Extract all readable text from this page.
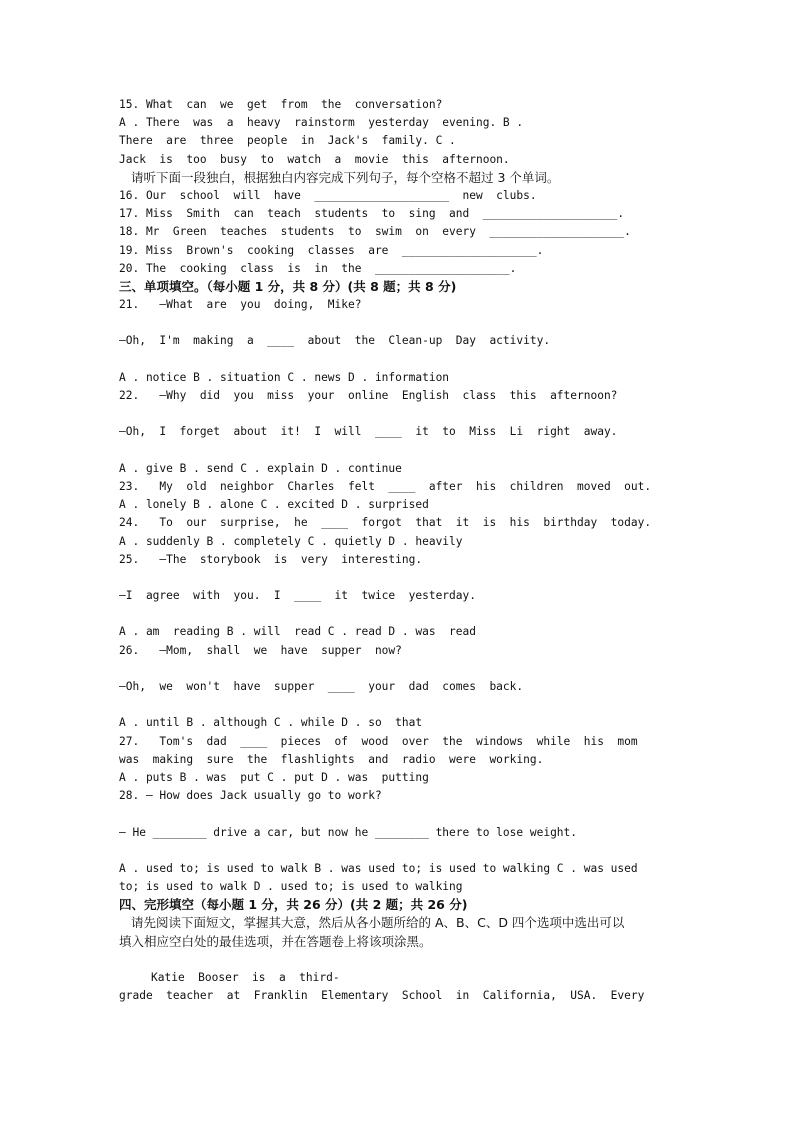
15. What  can  we  get  from  the  conversation?
A . There  was  a  heavy  rainstorm  yesterday  evening. B .
There  are  three  people  in  Jack's  family. C .
Jack  is  too  busy  to  watch  a  movie  this  afternoon.
请听下面一段独白，根据独白内容完成下列句子，每个空格不超过 3 个单词。
16. Our  school  will  have  ____________________  new  clubs.
17. Miss  Smith  can  teach  students  to  sing  and  ____________________.
18. Mr  Green  teaches  students  to  swim  on  every  ____________________.
19. Miss  Brown's  cooking  classes  are  ____________________.
20. The  cooking  class  is  in  the  ____________________.
三、单项填空。（每小题 1 分，共 8 分）(共 8 题；共 8 分)
21.   —What  are  you  doing,  Mike?
—Oh,  I'm  making  a  ____  about  the  Clean-up  Day  activity.
A . notice B . situation C . news D . information
22.   —Why  did  you  miss  your  online  English  class  this  afternoon?
—Oh,  I  forget  about  it!  I  will  ____  it  to  Miss  Li  right  away.
A . give B . send C . explain D . continue
23.   My  old  neighbor  Charles  felt  ____  after  his  children  moved  out.
A . lonely B . alone C . excited D . surprised
24.   To  our  surprise,  he  ____  forgot  that  it  is  his  birthday  today.
A . suddenly B . completely C . quietly D . heavily
25.   —The  storybook  is  very  interesting.
—I  agree  with  you.  I  ____  it  twice  yesterday.
A . am  reading B . will  read C . read D . was  read
26.   —Mom,  shall  we  have  supper  now?
—Oh,  we  won't  have  supper  ____  your  dad  comes  back.
A . until B . although C . while D . so  that
27.   Tom's  dad  ____  pieces  of  wood  over  the  windows  while  his  mom
was  making  sure  the  flashlights  and  radio  were  working.
A . puts B . was  put C . put D . was  putting
28. — How does Jack usually go to work?
— He ________ drive a car, but now he ________ there to lose weight.
A . used to; is used to walk B . was used to; is used to walking C . was used
to; is used to walk D . used to; is used to walking
四、完形填空（每小题 1 分，共 26 分）(共 2 题；共 26 分)
请先阅读下面短文，掌握其大意，然后从各小题所给的 A、B、C、D 四个选项中选出可以
填入相应空白处的最佳选项，并在答题卷上将该项涂黑。
Katie  Booser  is  a  third-
grade  teacher  at  Franklin  Elementary  School  in  California,  USA.  Every
